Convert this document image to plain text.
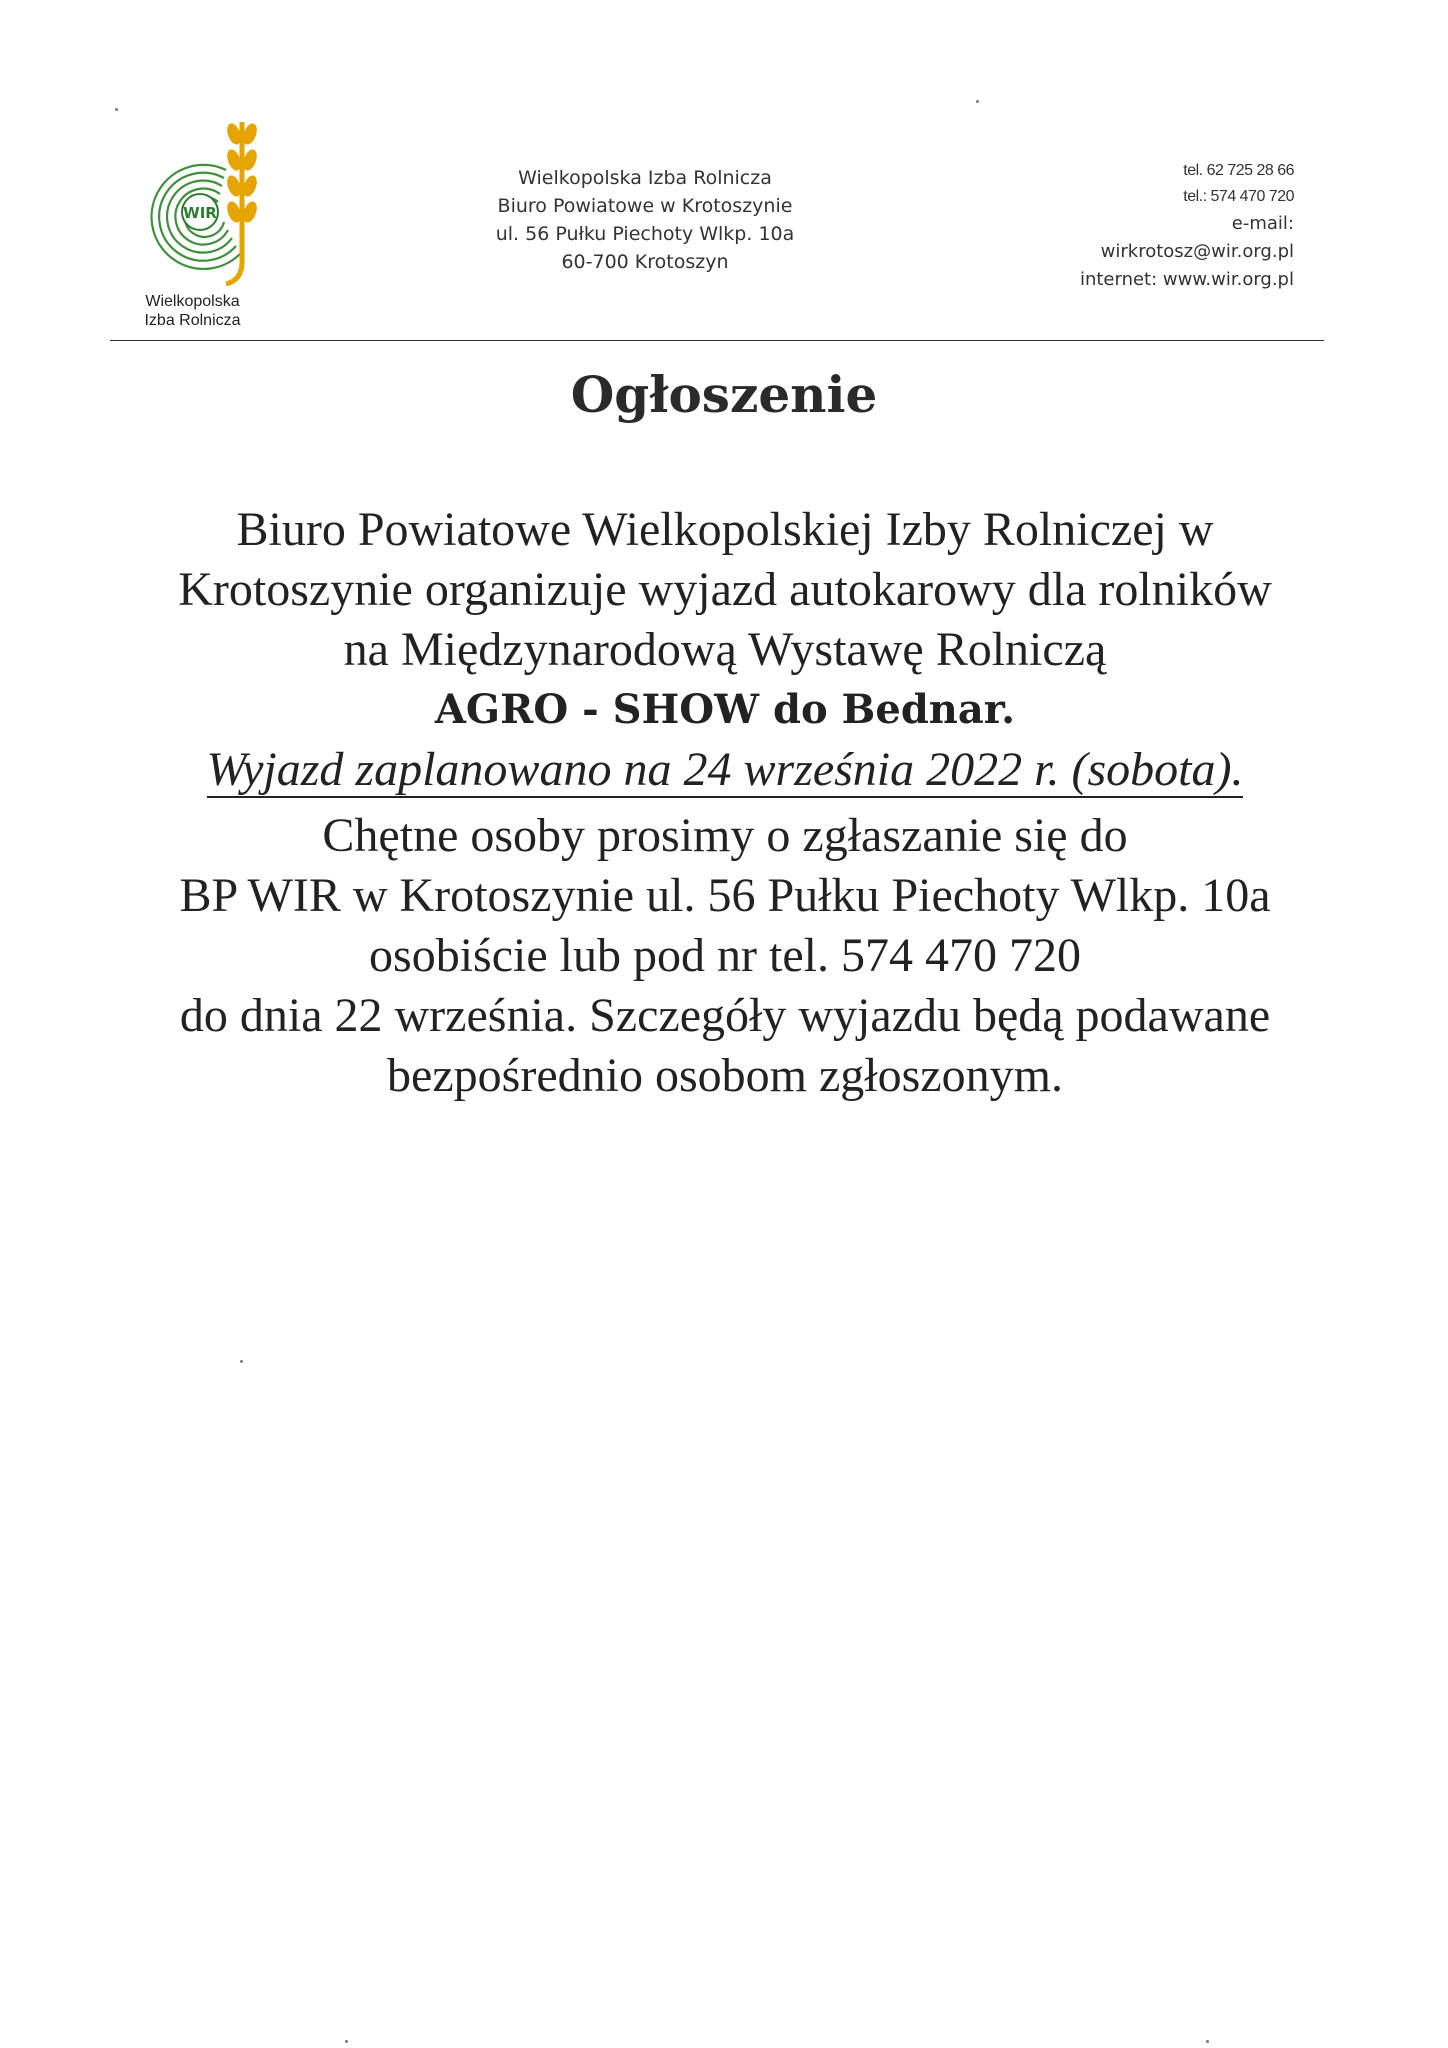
WIR
Wielkopolska
Izba Rolnicza
Wielkopolska Izba Rolnicza
Biuro Powiatowe w Krotoszynie
ul. 56 Pułku Piechoty Wlkp. 10a
60-700 Krotoszyn
tel. 62 725 28 66
tel.: 574 470 720
e-mail:
wirkrotosz@wir.org.pl
internet: www.wir.org.pl
Ogłoszenie
Biuro Powiatowe Wielkopolskiej Izby Rolniczej w
Krotoszynie organizuje wyjazd autokarowy dla rolników
na Międzynarodową Wystawę Rolniczą
AGRO - SHOW do Bednar.
Wyjazd zaplanowano na 24 września 2022 r. (sobota).
Chętne osoby prosimy o zgłaszanie się do
BP WIR w Krotoszynie ul. 56 Pułku Piechoty Wlkp. 10a
osobiście lub pod nr tel. 574 470 720
do dnia 22 września. Szczegóły wyjazdu będą podawane
bezpośrednio osobom zgłoszonym.
